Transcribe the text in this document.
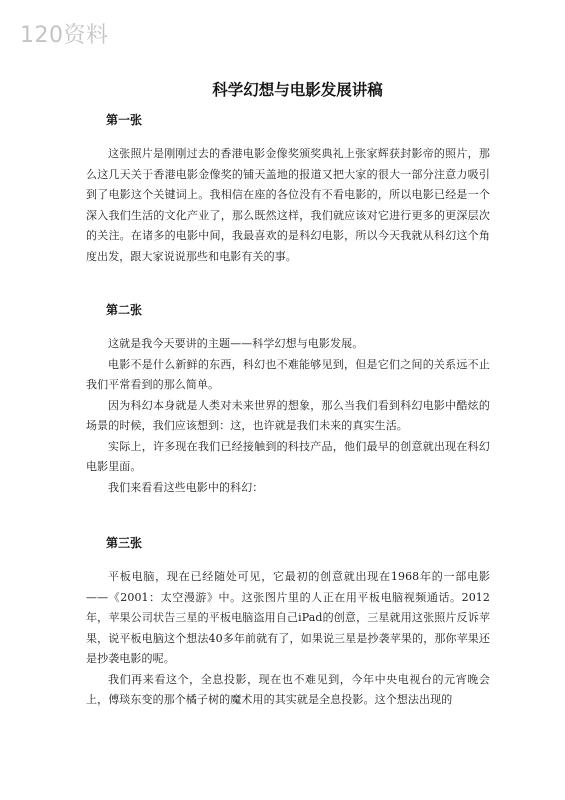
120资料
科学幻想与电影发展讲稿
第一张

这张照片是刚刚过去的香港电影金像奖颁奖典礼上张家辉获封影帝的照片，那么这几天关于香港电影金像奖的铺天盖地的报道又把大家的很大一部分注意力吸引到了电影这个关键词上。我相信在座的各位没有不看电影的，所以电影已经是一个深入我们生活的文化产业了，那么既然这样，我们就应该对它进行更多的更深层次的关注。在诸多的电影中间，我最喜欢的是科幻电影，所以今天我就从科幻这个角度出发，跟大家说说那些和电影有关的事。

第二张

这就是我今天要讲的主题——科学幻想与电影发展。

电影不是什么新鲜的东西，科幻也不难能够见到，但是它们之间的关系远不止我们平常看到的那么简单。

因为科幻本身就是人类对未来世界的想象，那么当我们看到科幻电影中酷炫的场景的时候，我们应该想到：这，也许就是我们未来的真实生活。

实际上，许多现在我们已经接触到的科技产品，他们最早的创意就出现在科幻电影里面。

我们来看看这些电影中的科幻：

第三张

平板电脑，现在已经随处可见，它最初的创意就出现在1968年的一部电影——《2001：太空漫游》中。这张图片里的人正在用平板电脑视频通话。2012年，苹果公司状告三星的平板电脑盗用自己iPad的创意，三星就用这张照片反诉苹果，说平板电脑这个想法40多年前就有了，如果说三星是抄袭苹果的，那你苹果还是抄袭电影的呢。

我们再来看这个，全息投影，现在也不难见到，今年中央电视台的元宵晚会上，傅琰东变的那个橘子树的魔术用的其实就是全息投影。这个想法出现的
